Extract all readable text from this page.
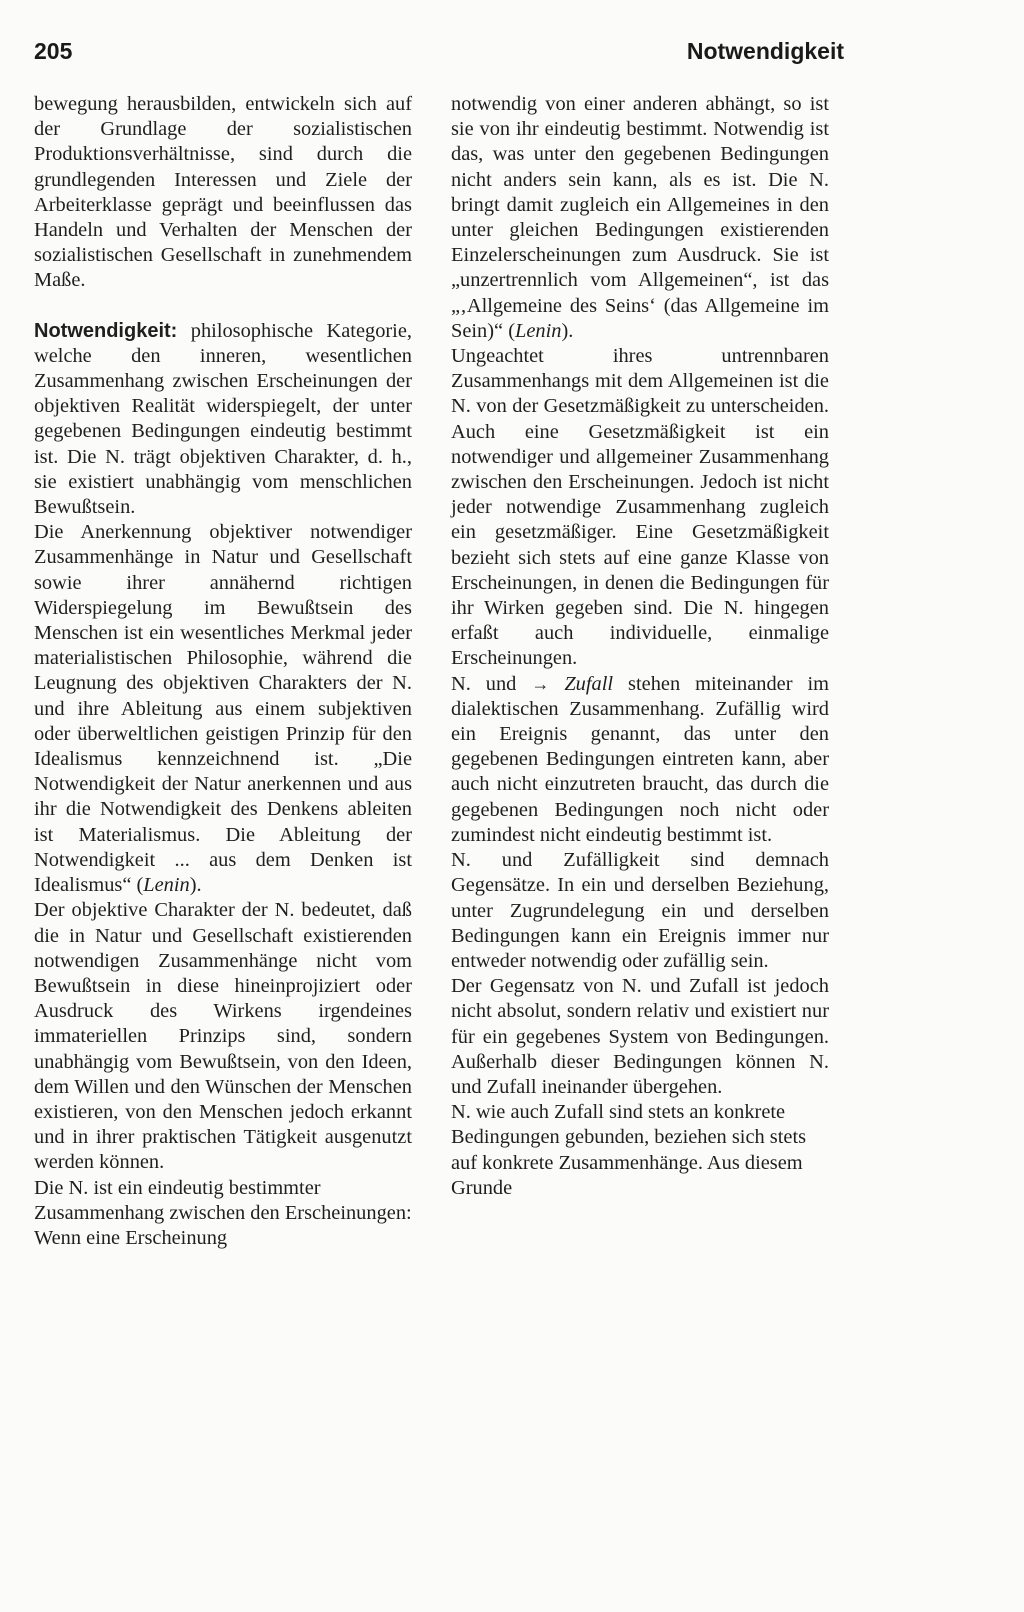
205	Notwendigkeit

bewegung herausbilden, entwickeln sich auf der Grundlage der sozialistischen Produktionsverhältnisse, sind durch die grundlegenden Interessen und Ziele der Arbeiterklasse geprägt und beeinflussen das Handeln und Verhalten der Menschen der sozialistischen Gesellschaft in zunehmendem Maße.

Notwendigkeit: philosophische Kategorie, welche den inneren, wesentlichen Zusammenhang zwischen Erscheinungen der objektiven Realität widerspiegelt, der unter gegebenen Bedingungen eindeutig bestimmt ist. Die N. trägt objektiven Charakter, d. h., sie existiert unabhängig vom menschlichen Bewußtsein.

Die Anerkennung objektiver notwendiger Zusammenhänge in Natur und Gesellschaft sowie ihrer annähernd richtigen Widerspiegelung im Bewußtsein des Menschen ist ein wesentliches Merkmal jeder materialistischen Philosophie, während die Leugnung des objektiven Charakters der N. und ihre Ableitung aus einem subjektiven oder überweltlichen geistigen Prinzip für den Idealismus kennzeichnend ist. „Die Notwendigkeit der Natur anerkennen und aus ihr die Notwendigkeit des Denkens ableiten ist Materialismus. Die Ableitung der Notwendigkeit ... aus dem Denken ist Idealismus“ (Lenin).

Der objektive Charakter der N. bedeutet, daß die in Natur und Gesellschaft existierenden notwendigen Zusammenhänge nicht vom Bewußtsein in diese hineinprojiziert oder Ausdruck des Wirkens irgendeines immateriellen Prinzips sind, sondern unabhängig vom Bewußtsein, von den Ideen, dem Willen und den Wünschen der Menschen existieren, von den Menschen jedoch erkannt und in ihrer praktischen Tätigkeit ausgenutzt werden können.

Die N. ist ein eindeutig bestimmter Zusammenhang zwischen den Erscheinungen: Wenn eine Erscheinung

notwendig von einer anderen abhängt, so ist sie von ihr eindeutig bestimmt. Notwendig ist das, was unter den gegebenen Bedingungen nicht anders sein kann, als es ist. Die N. bringt damit zugleich ein Allgemeines in den unter gleichen Bedingungen existierenden Einzelerscheinungen zum Ausdruck. Sie ist „unzertrennlich vom Allgemeinen“, ist das „‚Allgemeine des Seins‘ (das Allgemeine im Sein)“ (Lenin).

Ungeachtet ihres untrennbaren Zusammenhangs mit dem Allgemeinen ist die N. von der Gesetzmäßigkeit zu unterscheiden. Auch eine Gesetzmäßigkeit ist ein notwendiger und allgemeiner Zusammenhang zwischen den Erscheinungen. Jedoch ist nicht jeder notwendige Zusammenhang zugleich ein gesetzmäßiger. Eine Gesetzmäßigkeit bezieht sich stets auf eine ganze Klasse von Erscheinungen, in denen die Bedingungen für ihr Wirken gegeben sind. Die N. hingegen erfaßt auch individuelle, einmalige Erscheinungen.

N. und → Zufall stehen miteinander im dialektischen Zusammenhang. Zufällig wird ein Ereignis genannt, das unter den gegebenen Bedingungen eintreten kann, aber auch nicht einzutreten braucht, das durch die gegebenen Bedingungen noch nicht oder zumindest nicht eindeutig bestimmt ist.

N. und Zufälligkeit sind demnach Gegensätze. In ein und derselben Beziehung, unter Zugrundelegung ein und derselben Bedingungen kann ein Ereignis immer nur entweder notwendig oder zufällig sein.

Der Gegensatz von N. und Zufall ist jedoch nicht absolut, sondern relativ und existiert nur für ein gegebenes System von Bedingungen. Außerhalb dieser Bedingungen können N. und Zufall ineinander übergehen.

N. wie auch Zufall sind stets an konkrete Bedingungen gebunden, beziehen sich stets auf konkrete Zusammenhänge. Aus diesem Grunde
